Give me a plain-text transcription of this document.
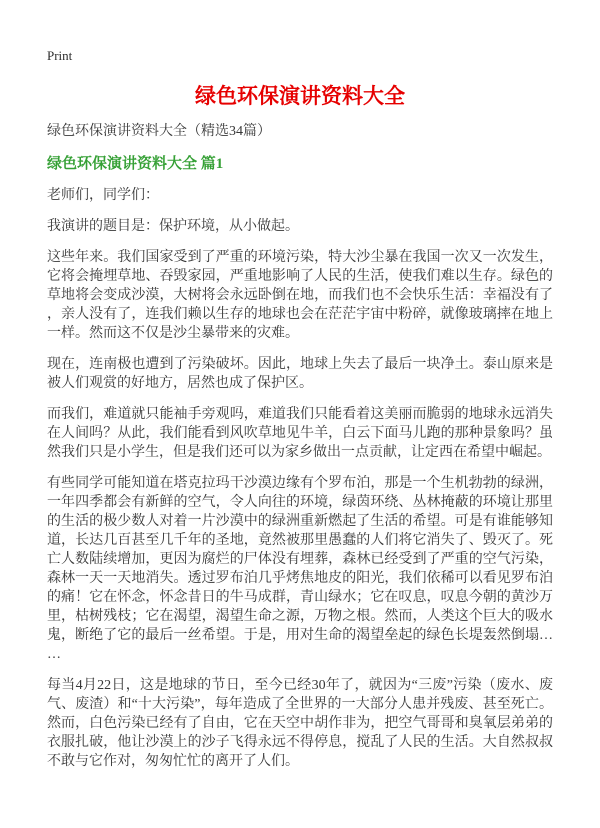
Print
绿色环保演讲资料大全
绿色环保演讲资料大全（精选34篇）
绿色环保演讲资料大全 篇1

老师们，同学们：

我演讲的题目是：保护环境，从小做起。

这些年来。我们国家受到了严重的环境污染，特大沙尘暴在我国一次又一次发生，它将会掩埋草地、吞毁家园，严重地影响了人民的生活，使我们难以生存。绿色的草地将会变成沙漠，大树将会永远卧倒在地，而我们也不会快乐生活：幸福没有了，亲人没有了，连我们赖以生存的地球也会在茫茫宇宙中粉碎，就像玻璃摔在地上一样。然而这不仅是沙尘暴带来的灾难。

现在，连南极也遭到了污染破坏。因此，地球上失去了最后一块净土。泰山原来是被人们观赏的好地方，居然也成了保护区。

而我们，难道就只能袖手旁观吗，难道我们只能看着这美丽而脆弱的地球永远消失在人间吗？从此，我们能看到风吹草地见牛羊，白云下面马儿跑的那种景象吗？虽然我们只是小学生，但是我们还可以为家乡做出一点贡献，让定西在希望中崛起。

有些同学可能知道在塔克拉玛干沙漠边缘有个罗布泊，那是一个生机勃勃的绿洲，一年四季都会有新鲜的空气，令人向往的环境，绿茵环绕、丛林掩蔽的环境让那里的生活的极少数人对着一片沙漠中的绿洲重新燃起了生活的希望。可是有谁能够知道，长达几百甚至几千年的圣地，竟然被那里愚蠢的人们将它消失了、毁灭了。死亡人数陆续增加，更因为腐烂的尸体没有埋葬，森林已经受到了严重的空气污染，森林一天一天地消失。透过罗布泊几乎烤焦地皮的阳光，我们依稀可以看见罗布泊的痛！它在怀念，怀念昔日的牛马成群，青山绿水；它在叹息，叹息今朝的黄沙万里，枯树残枝；它在渴望，渴望生命之源，万物之根。然而，人类这个巨大的吸水鬼，断绝了它的最后一丝希望。于是，用对生命的渴望垒起的绿色长堤轰然倒塌……

每当4月22日，这是地球的节日，至今已经30年了，就因为“三废”污染（废水、废气、废渣）和“十大污染”，每年造成了全世界的一大部分人患并残废、甚至死亡。然而，白色污染已经有了自由，它在天空中胡作非为，把空气哥哥和臭氧层弟弟的衣服扎破，他让沙漠上的沙子飞得永远不得停息，搅乱了人民的生活。大自然叔叔不敢与它作对，匆匆忙忙的离开了人们。
